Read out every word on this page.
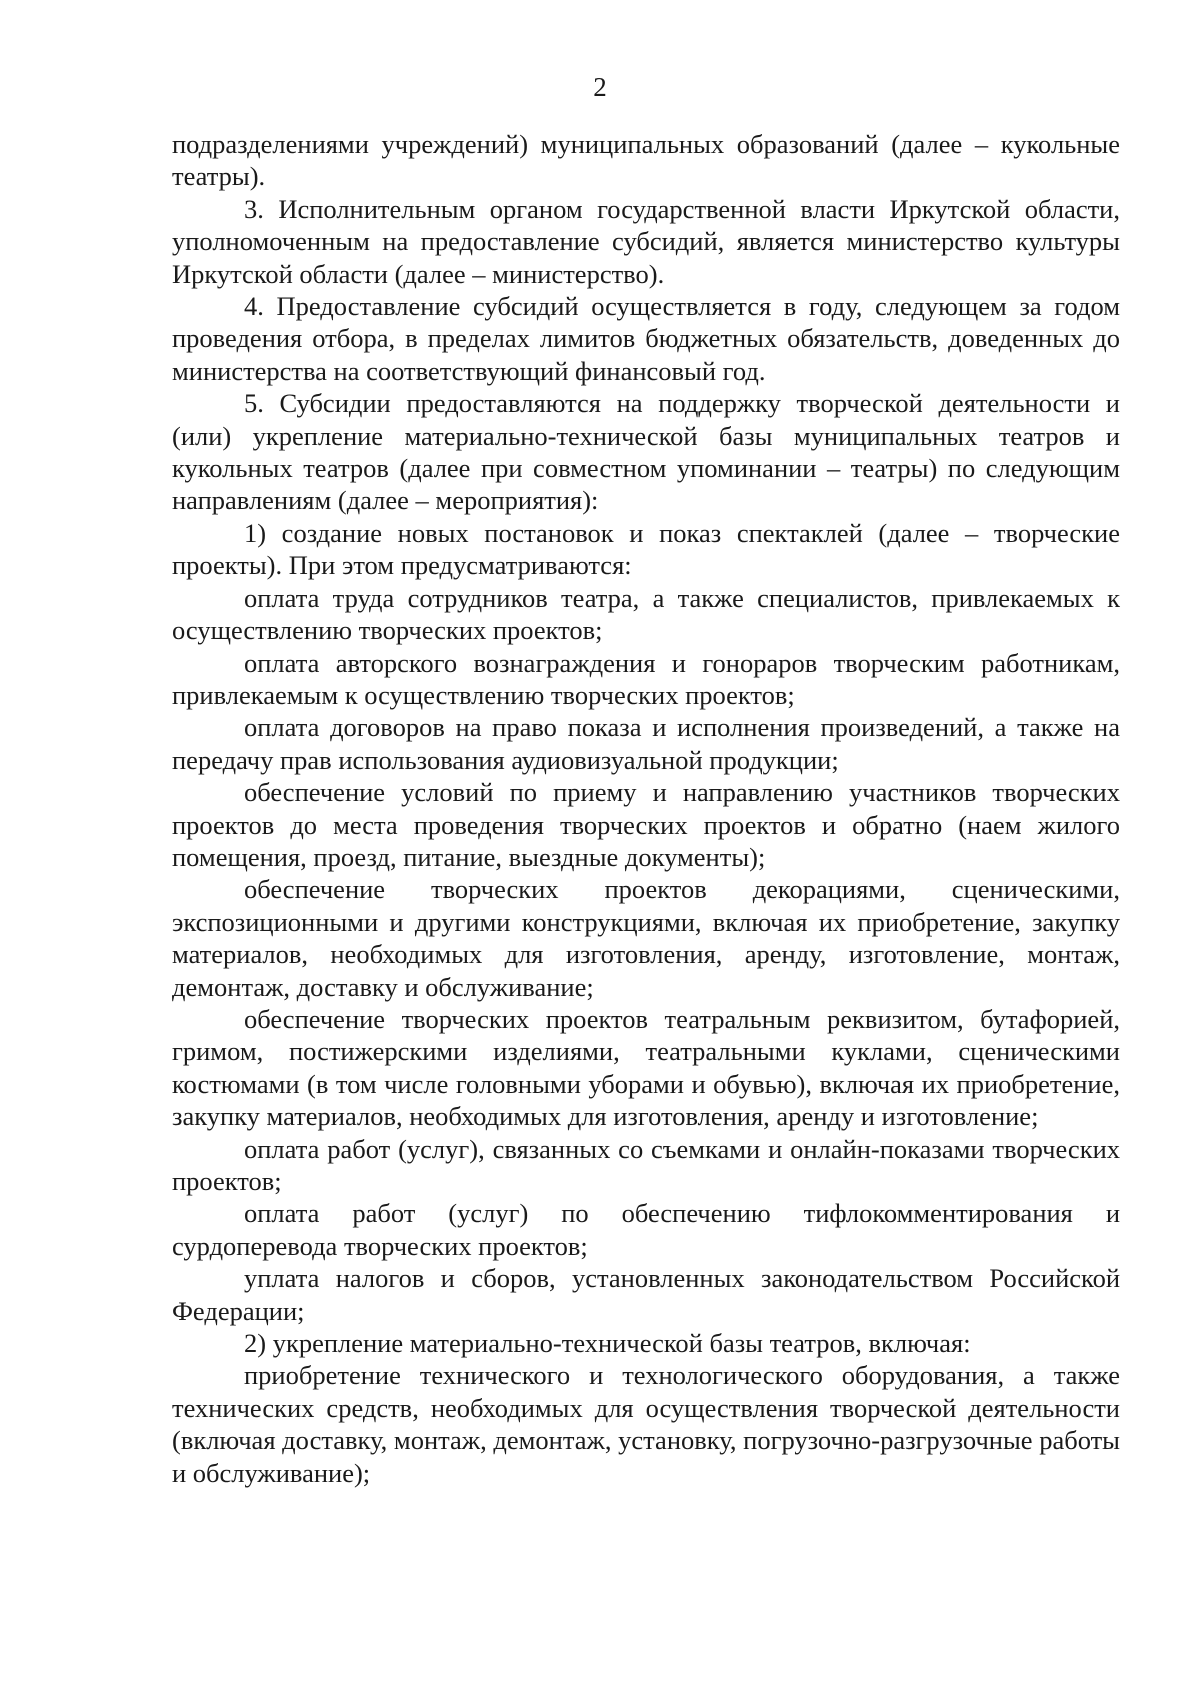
2

подразделениями учреждений) муниципальных образований (далее – кукольные театры).

3. Исполнительным органом государственной власти Иркутской области, уполномоченным на предоставление субсидий, является министерство культуры Иркутской области (далее – министерство).

4. Предоставление субсидий осуществляется в году, следующем за годом проведения отбора, в пределах лимитов бюджетных обязательств, доведенных до министерства на соответствующий финансовый год.

5. Субсидии предоставляются на поддержку творческой деятельности и (или) укрепление материально-технической базы муниципальных театров и кукольных театров (далее при совместном упоминании – театры) по следующим направлениям (далее – мероприятия):

1) создание новых постановок и показ спектаклей (далее – творческие проекты). При этом предусматриваются:

оплата труда сотрудников театра, а также специалистов, привлекаемых к осуществлению творческих проектов;

оплата авторского вознаграждения и гонораров творческим работникам, привлекаемым к осуществлению творческих проектов;

оплата договоров на право показа и исполнения произведений, а также на передачу прав использования аудиовизуальной продукции;

обеспечение условий по приему и направлению участников творческих проектов до места проведения творческих проектов и обратно (наем жилого помещения, проезд, питание, выездные документы);

обеспечение творческих проектов декорациями, сценическими, экспозиционными и другими конструкциями, включая их приобретение, закупку материалов, необходимых для изготовления, аренду, изготовление, монтаж, демонтаж, доставку и обслуживание;

обеспечение творческих проектов театральным реквизитом, бутафорией, гримом, постижерскими изделиями, театральными куклами, сценическими костюмами (в том числе головными уборами и обувью), включая их приобретение, закупку материалов, необходимых для изготовления, аренду и изготовление;

оплата работ (услуг), связанных со съемками и онлайн-показами творческих проектов;

оплата работ (услуг) по обеспечению тифлокомментирования и сурдоперевода творческих проектов;

уплата налогов и сборов, установленных законодательством Российской Федерации;

2) укрепление материально-технической базы театров, включая:

приобретение технического и технологического оборудования, а также технических средств, необходимых для осуществления творческой деятельности (включая доставку, монтаж, демонтаж, установку, погрузочно-разгрузочные работы и обслуживание);
